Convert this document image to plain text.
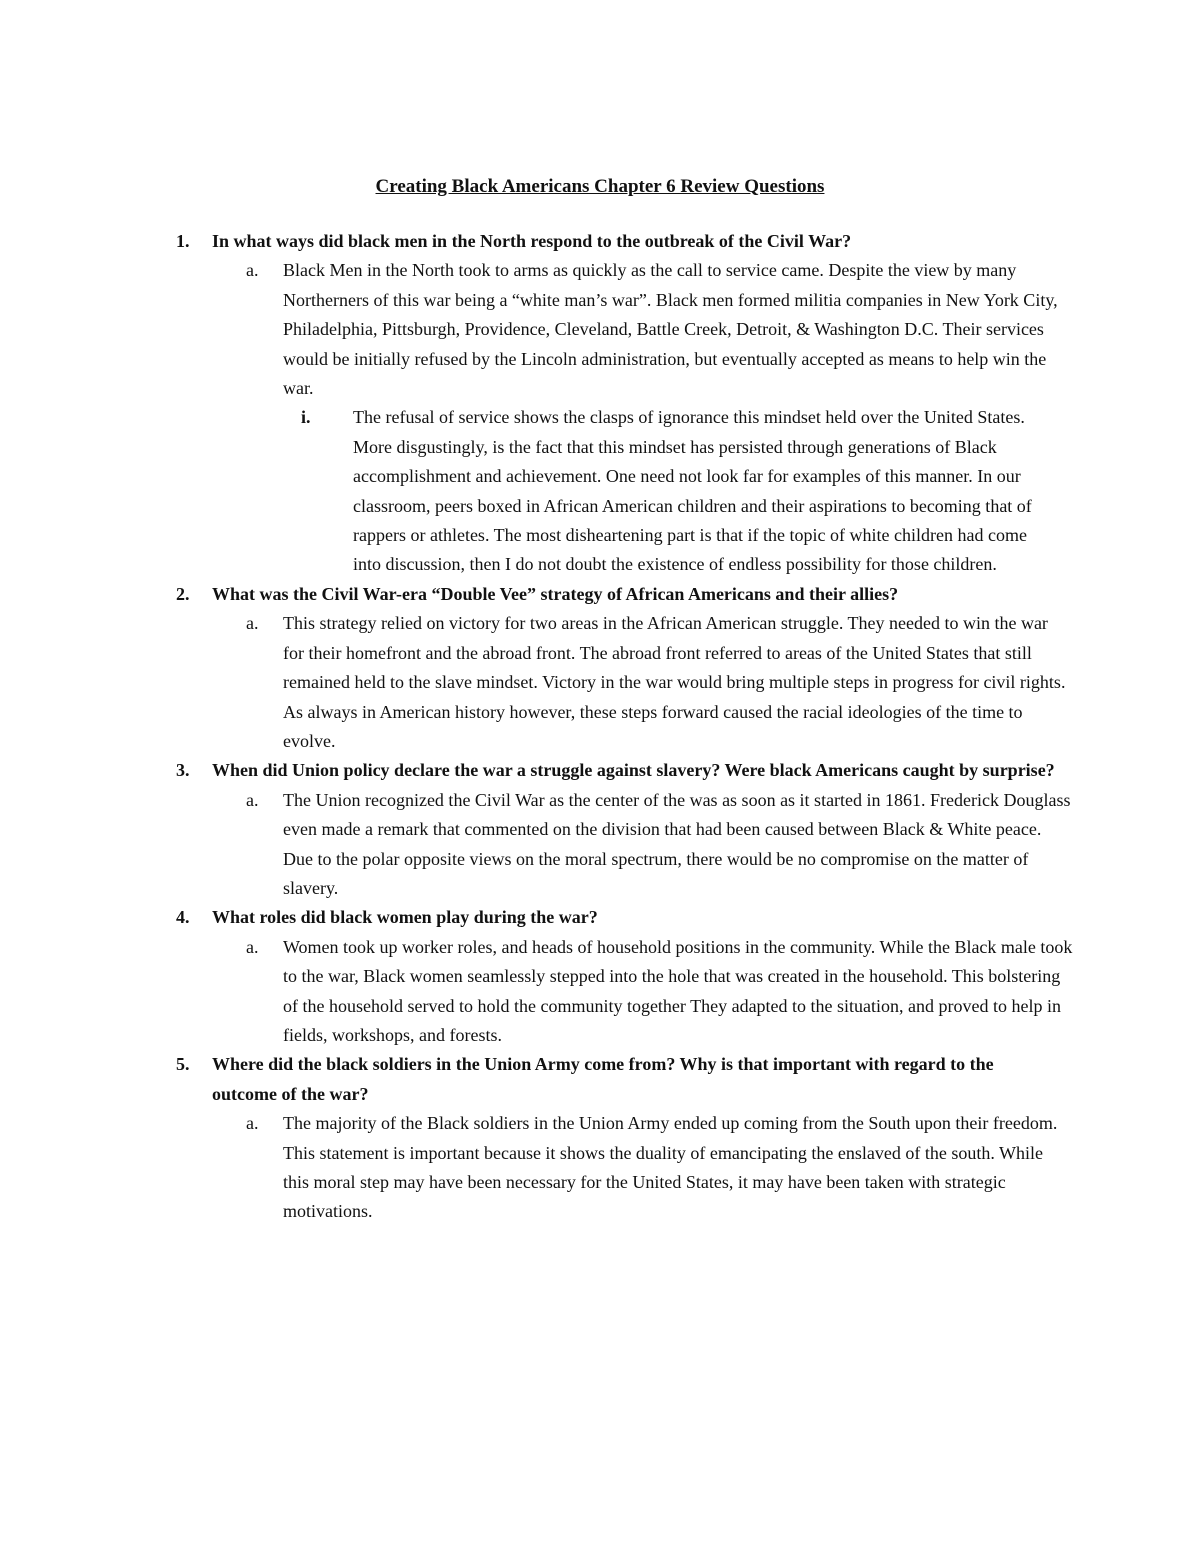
Creating Black Americans Chapter 6 Review Questions
1. In what ways did black men in the North respond to the outbreak of the Civil War?
a. Black Men in the North took to arms as quickly as the call to service came. Despite the view by many Northerners of this war being a “white man’s war”. Black men formed militia companies in New York City, Philadelphia, Pittsburgh, Providence, Cleveland, Battle Creek, Detroit, & Washington D.C. Their services would be initially refused by the Lincoln administration, but eventually accepted as means to help win the war.
i. The refusal of service shows the clasps of ignorance this mindset held over the United States. More disgustingly, is the fact that this mindset has persisted through generations of Black accomplishment and achievement. One need not look far for examples of this manner. In our classroom, peers boxed in African American children and their aspirations to becoming that of rappers or athletes. The most disheartening part is that if the topic of white children had come into discussion, then I do not doubt the existence of endless possibility for those children.
2. What was the Civil War-era “Double Vee” strategy of African Americans and their allies?
a. This strategy relied on victory for two areas in the African American struggle. They needed to win the war for their homefront and the abroad front. The abroad front referred to areas of the United States that still remained held to the slave mindset. Victory in the war would bring multiple steps in progress for civil rights. As always in American history however, these steps forward caused the racial ideologies of the time to evolve.
3. When did Union policy declare the war a struggle against slavery? Were black Americans caught by surprise?
a. The Union recognized the Civil War as the center of the was as soon as it started in 1861. Frederick Douglass even made a remark that commented on the division that had been caused between Black & White peace. Due to the polar opposite views on the moral spectrum, there would be no compromise on the matter of slavery.
4. What roles did black women play during the war?
a. Women took up worker roles, and heads of household positions in the community. While the Black male took to the war, Black women seamlessly stepped into the hole that was created in the household. This bolstering of the household served to hold the community together They adapted to the situation, and proved to help in fields, workshops, and forests.
5. Where did the black soldiers in the Union Army come from? Why is that important with regard to the outcome of the war?
a. The majority of the Black soldiers in the Union Army ended up coming from the South upon their freedom. This statement is important because it shows the duality of emancipating the enslaved of the south. While this moral step may have been necessary for the United States, it may have been taken with strategic motivations.
